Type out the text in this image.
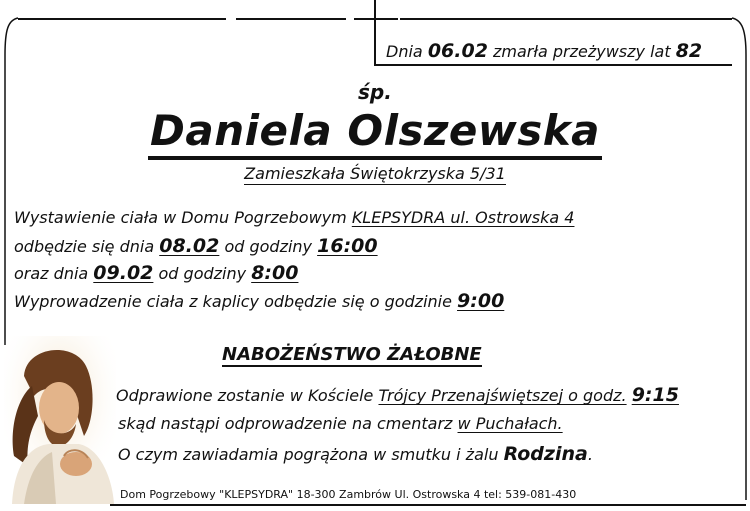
Dnia 06.02 zmarła przeżywszy lat 82
śp.
Daniela Olszewska
Zamieszkała Świętokrzyska 5/31
Wystawienie ciała w Domu Pogrzebowym KLEPSYDRA ul. Ostrowska 4
odbędzie się dnia 08.02 od godziny 16:00
oraz dnia 09.02 od godziny 8:00
Wyprowadzenie ciała z kaplicy odbędzie się o godzinie 9:00
NABOŻEŃSTWO ŻAŁOBNE
Odprawione zostanie w Kościele Trójcy Przenajświętszej o godz. 9:15
skąd nastąpi odprowadzenie na cmentarz w Puchałach.
O czym zawiadamia pogrążona w smutku i żalu Rodzina.
Dom Pogrzebowy "KLEPSYDRA" 18-300 Zambrów Ul. Ostrowska 4 tel: 539-081-430
